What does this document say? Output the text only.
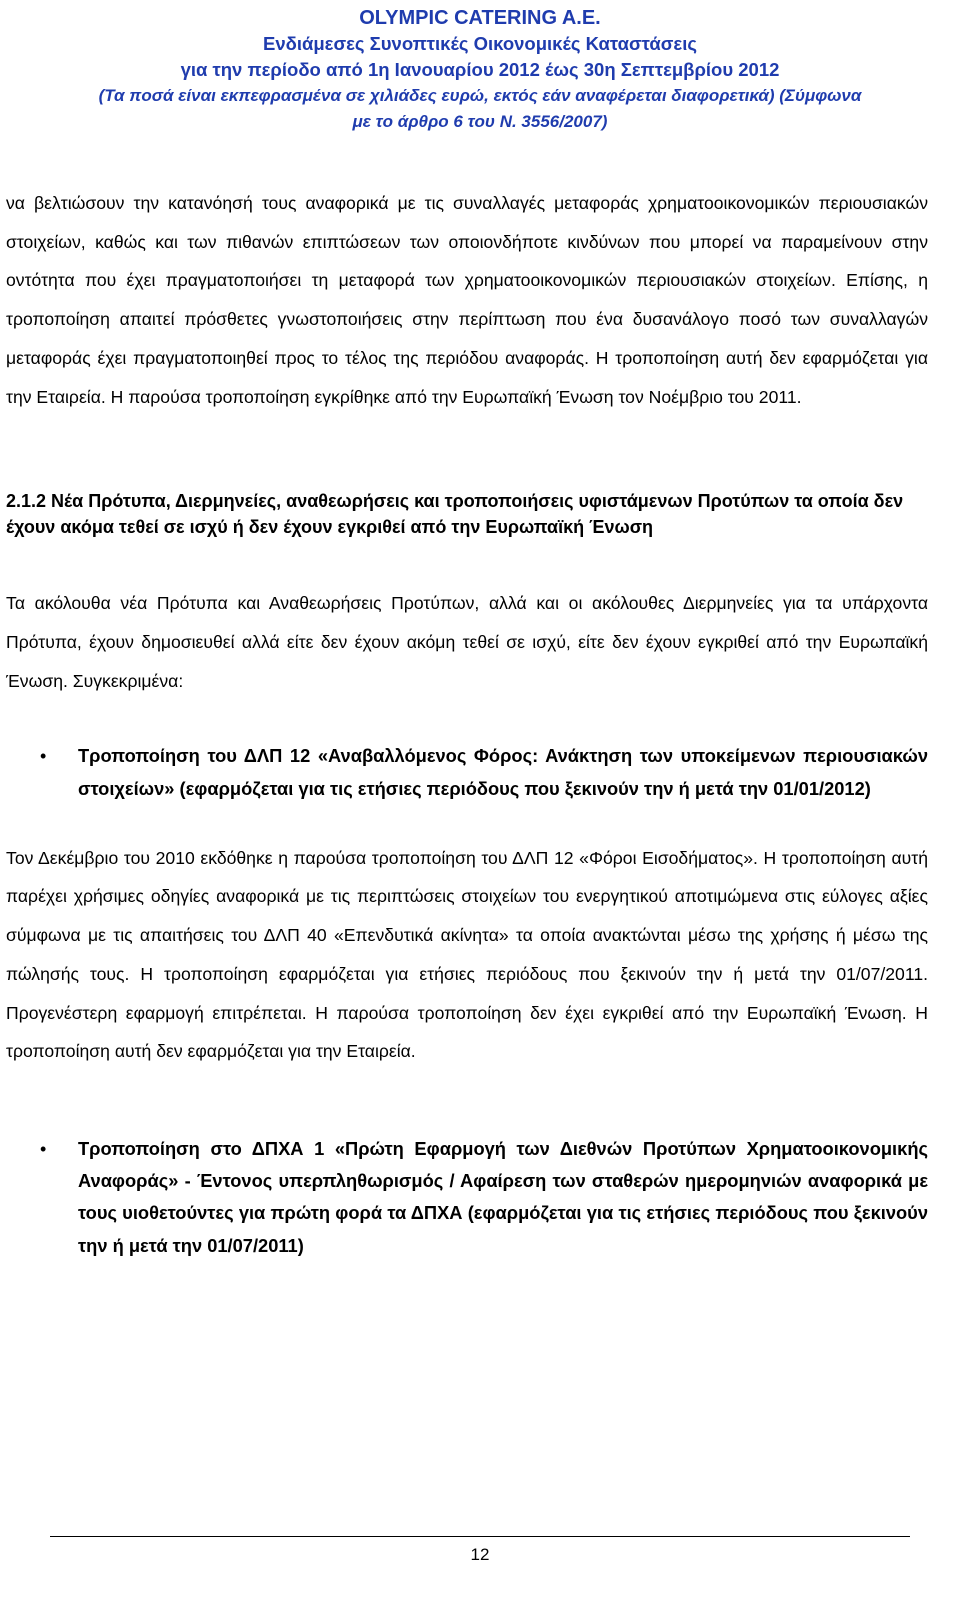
OLYMPIC CATERING A.E.
Ενδιάμεσες Συνοπτικές Οικονομικές Καταστάσεις
για την περίοδο από 1η Ιανουαρίου 2012 έως 30η Σεπτεμβρίου 2012
(Τα ποσά είναι εκπεφρασμένα σε χιλιάδες ευρώ, εκτός εάν αναφέρεται διαφορετικά) (Σύμφωνα
με το άρθρο 6 του Ν. 3556/2007)

να βελτιώσουν την κατανόησή τους αναφορικά με τις συναλλαγές μεταφοράς χρηματοοικονομικών περιουσιακών στοιχείων, καθώς και των πιθανών επιπτώσεων των οποιονδήποτε κινδύνων που μπορεί να παραμείνουν στην οντότητα που έχει πραγματοποιήσει τη μεταφορά των χρηματοοικονομικών περιουσιακών στοιχείων. Επίσης, η τροποποίηση απαιτεί πρόσθετες γνωστοποιήσεις στην περίπτωση που ένα δυσανάλογο ποσό των συναλλαγών μεταφοράς έχει πραγματοποιηθεί προς το τέλος της περιόδου αναφοράς. Η τροποποίηση αυτή δεν εφαρμόζεται για την Εταιρεία. Η παρούσα τροποποίηση εγκρίθηκε από την Ευρωπαϊκή Ένωση τον Νοέμβριο του 2011.

2.1.2 Νέα Πρότυπα, Διερμηνείες, αναθεωρήσεις και τροποποιήσεις υφιστάμενων Προτύπων τα οποία δεν έχουν ακόμα τεθεί σε ισχύ ή δεν έχουν εγκριθεί από την Ευρωπαϊκή Ένωση

Τα ακόλουθα νέα Πρότυπα και Αναθεωρήσεις Προτύπων, αλλά και οι ακόλουθες Διερμηνείες για τα υπάρχοντα Πρότυπα, έχουν δημοσιευθεί αλλά είτε δεν έχουν ακόμη τεθεί σε ισχύ, είτε δεν έχουν εγκριθεί από την Ευρωπαϊκή Ένωση. Συγκεκριμένα:

• Τροποποίηση του ΔΛΠ 12 «Αναβαλλόμενος Φόρος: Ανάκτηση των υποκείμενων περιουσιακών στοιχείων» (εφαρμόζεται για τις ετήσιες περιόδους που ξεκινούν την ή μετά την 01/01/2012)

Τον Δεκέμβριο του 2010 εκδόθηκε η παρούσα τροποποίηση του ΔΛΠ 12 «Φόροι Εισοδήματος». Η τροποποίηση αυτή παρέχει χρήσιμες οδηγίες αναφορικά με τις περιπτώσεις στοιχείων του ενεργητικού αποτιμώμενα στις εύλογες αξίες σύμφωνα με τις απαιτήσεις του ΔΛΠ 40 «Επενδυτικά ακίνητα» τα οποία ανακτώνται μέσω της χρήσης ή μέσω της πώλησής τους. Η τροποποίηση εφαρμόζεται για ετήσιες περιόδους που ξεκινούν την ή μετά την 01/07/2011. Προγενέστερη εφαρμογή επιτρέπεται. Η παρούσα τροποποίηση δεν έχει εγκριθεί από την Ευρωπαϊκή Ένωση. Η τροποποίηση αυτή δεν εφαρμόζεται για την Εταιρεία.

• Τροποποίηση στο ΔΠΧΑ 1 «Πρώτη Εφαρμογή των Διεθνών Προτύπων Χρηματοοικονομικής Αναφοράς» - Έντονος υπερπληθωρισμός / Αφαίρεση των σταθερών ημερομηνιών αναφορικά με τους υιοθετούντες για πρώτη φορά τα ΔΠΧΑ (εφαρμόζεται για τις ετήσιες περιόδους που ξεκινούν την ή μετά την 01/07/2011)

12
